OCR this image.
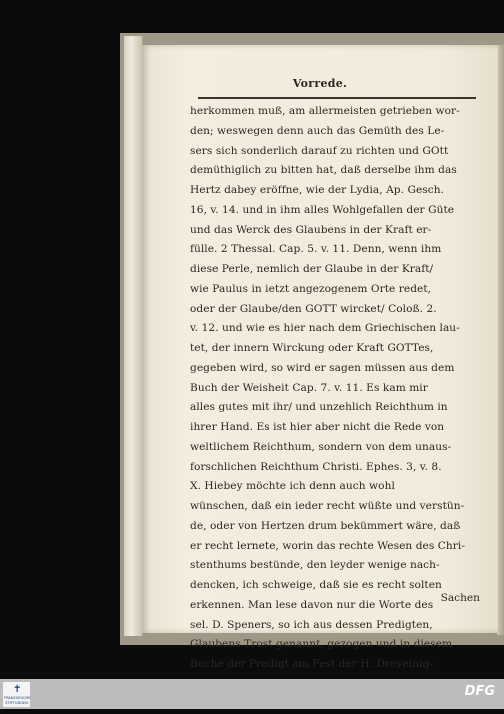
Vorrede.
herkommen muß, am allermeisten getrieben wor-
den; weswegen denn auch das Gemüth des Le-
sers sich sonderlich darauf zu richten und GOtt
demüthiglich zu bitten hat, daß derselbe ihm das
Hertz dabey eröffne, wie der Lydia, Ap. Gesch.
16, v. 14. und in ihm alles Wohlgefallen der Güte
und das Werck des Glaubens in der Kraft er-
fülle. 2 Thessal. Cap. 5. v. 11. Denn, wenn ihm
diese Perle, nemlich der Glaube in der Kraft/
wie Paulus in ietzt angezogenem Orte redet,
oder der Glaube/den GOTT wircket/ Coloß. 2.
v. 12. und wie es hier nach dem Griechischen lau-
tet, der innern Wirckung oder Kraft GOTTes,
gegeben wird, so wird er sagen müssen aus dem
Buch der Weisheit Cap. 7. v. 11. Es kam mir
alles gutes mit ihr/ und unzehlich Reichthum in
ihrer Hand. Es ist hier aber nicht die Rede von
weltlichem Reichthum, sondern von dem unaus-
forschlichen Reichthum Christi. Ephes. 3, v. 8.
X. Hiebey möchte ich denn auch wohl
wünschen, daß ein ieder recht wüßte und verstün-
de, oder von Hertzen drum bekümmert wäre, daß
er recht lernete, worin das rechte Wesen des Chri-
stenthums bestünde, den leyder wenige nach-
dencken, ich schweige, daß sie es recht solten
erkennen. Man lese davon nur die Worte des
sel. D. Speners, so ich aus dessen Predigten,
Glaubens Trost genannt, gezogen und in diesem
Buche der Predigt am Fest der H. Dreyeinig-
Sachen
✝
FRANCKESCHE
STIFTUNGEN
DFG
